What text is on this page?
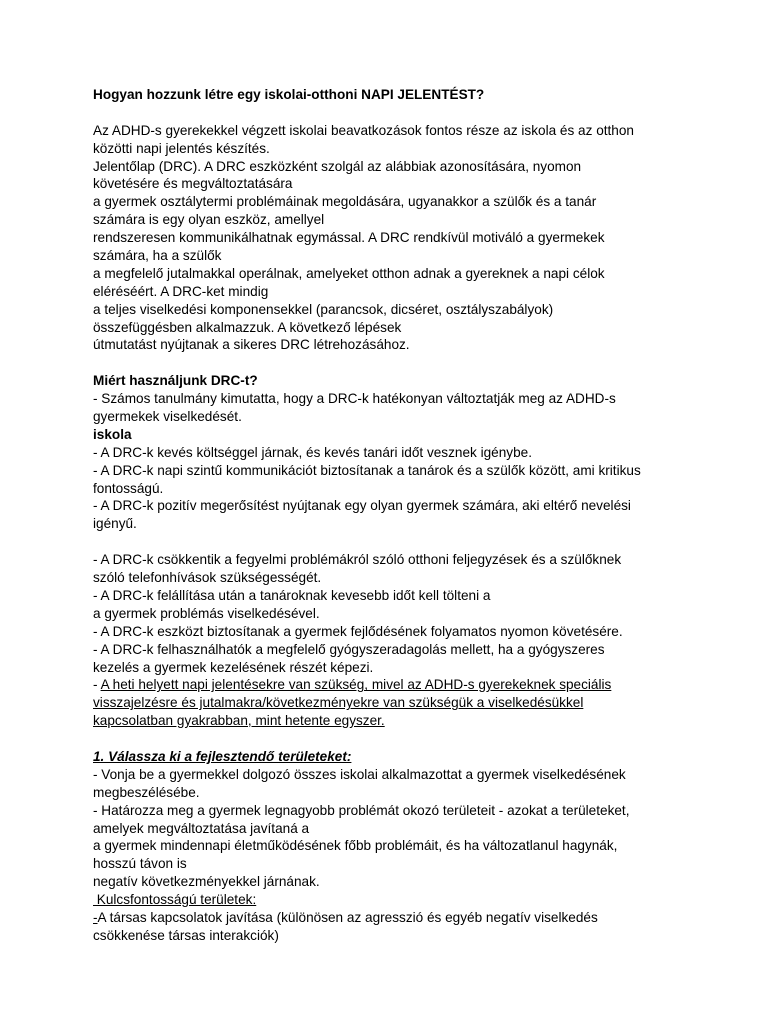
Hogyan hozzunk létre egy iskolai-otthoni NAPI JELENTÉST?
Az ADHD-s gyerekekkel végzett iskolai beavatkozások fontos része az iskola és az otthon
közötti napi jelentés készítés.
Jelentőlap (DRC). A DRC eszközként szolgál az alábbiak azonosítására, nyomon
követésére és megváltoztatására
a gyermek osztálytermi problémáinak megoldására, ugyanakkor a szülők és a tanár
számára is egy olyan eszköz, amellyel
rendszeresen kommunikálhatnak egymással. A DRC rendkívül motiváló a gyermekek
számára, ha a szülők
a megfelelő jutalmakkal operálnak, amelyeket otthon adnak a gyereknek a napi célok
eléréséért. A DRC-ket mindig
a teljes viselkedési komponensekkel (parancsok, dicséret, osztályszabályok)
összefüggésben alkalmazzuk. A következő lépések
útmutatást nyújtanak a sikeres DRC létrehozásához.
Miért használjunk DRC-t?
- Számos tanulmány kimutatta, hogy a DRC-k hatékonyan változtatják meg az ADHD-s
gyermekek viselkedését.
iskola
- A DRC-k kevés költséggel járnak, és kevés tanári időt vesznek igénybe.
- A DRC-k napi szintű kommunikációt biztosítanak a tanárok és a szülők között, ami kritikus
fontosságú.
- A DRC-k pozitív megerősítést nyújtanak egy olyan gyermek számára, aki eltérő nevelési
igényű.
- A DRC-k csökkentik a fegyelmi problémákról szóló otthoni feljegyzések és a szülőknek
szóló telefonhívások szükségességét.
- A DRC-k felállítása után a tanároknak kevesebb időt kell tölteni a
a gyermek problémás viselkedésével.
- A DRC-k eszközt biztosítanak a gyermek fejlődésének folyamatos nyomon követésére.
- A DRC-k felhasználhatók a megfelelő gyógyszeradagolás mellett, ha a gyógyszeres
kezelés a gyermek kezelésének részét képezi.
- A heti helyett napi jelentésekre van szükség, mivel az ADHD-s gyerekeknek speciális
visszajelzésre és jutalmakra/következményekre van szükségük a viselkedésükkel
kapcsolatban gyakrabban, mint hetente egyszer.
1. Válassza ki a fejlesztendő területeket:
- Vonja be a gyermekkel dolgozó összes iskolai alkalmazottat a gyermek viselkedésének
megbeszélésébe.
- Határozza meg a gyermek legnagyobb problémát okozó területeit - azokat a területeket,
amelyek megváltoztatása javítaná a
a gyermek mindennapi életműködésének főbb problémáit, és ha változatlanul hagynák,
hosszú távon is
negatív következményekkel járnának.
Kulcsfontosságú területek:
-A társas kapcsolatok javítása (különösen az agresszió és egyéb negatív viselkedés
csökkenése társas interakciók)
